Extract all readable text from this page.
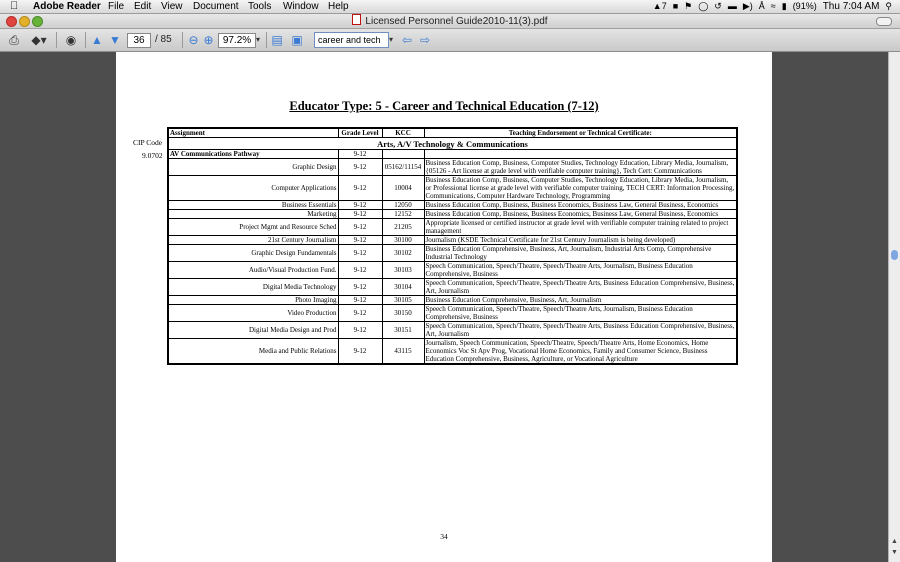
Adobe Reader File Edit View Document Tools Window Help	▲7 ■ ⚑ ◯ ↺ ▬ ▶) Å ≈ ▮ (91%) Thu 7:04 AM ⚲
Licensed Personnel Guide2010-11(3).pdf
⎙ ◆▾	◉	▲ ▼	36	/ 85 ⊖ ⊕ 97.2% ▾ ▤ ▣	career and tech	▾ ⇦ ⇨
Educator Type: 5 - Career and Technical Education (7-12)
CIP Code
9.0702
Assignment	Grade Level	KCC	Teaching Endorsement or Technical Certificate:
Arts, A/V Technology & Communications			
AV Communications Pathway	9-12		
Graphic Design	9-12	05162/11154	Business Education Comp, Business, Computer Studies, Technology Education, Library Media, Journalism, {05126 - Art license at grade level with verifiable computer training}, Tech Cert: Communications
Computer Applications	9-12	10004	Business Education Comp, Business, Computer Studies, Technology Education, Library Media, Journalism, or Professional license at grade level with verifiable computer training, TECH CERT: Information Processing, Communications, Computer Hardware Technology, Programming
Business Essentials	9-12	12050	Business Education Comp, Business, Business Economics, Business Law, General Business, Economics
Marketing	9-12	12152	Business Education Comp, Business, Business Economics, Business Law, General Business, Economics
Project Mgmt and Resource Sched	9-12	21205	Appropriate licensed or certified instructor at grade level with verifiable computer training related to project management
21st Century Journalism	9-12	30100	Journalism (KSDE Technical Certificate for 21st Century Journalism is being developed)
Graphic Design Fundamentals	9-12	30102	Business Education Comprehensive, Business, Art, Journalism, Industrial Arts Comp, Comprehensive Industrial Technology
Audio/Visual Production Fund.	9-12	30103	Speech Communication, Speech/Theatre, Speech/Theatre Arts, Journalism, Business Education Comprehensive, Business
Digital Media Technology	9-12	30104	Speech Communication, Speech/Theatre, Speech/Theatre Arts, Business Education Comprehensive, Business, Art, Journalism
Photo Imaging	9-12	30105	Business Education Comprehensive, Business, Art, Journalism
Video Production	9-12	30150	Speech Communication, Speech/Theatre, Speech/Theatre Arts, Journalism, Business Education Comprehensive, Business
Digital Media Design and Prod	9-12	30151	Speech Communication, Speech/Theatre, Speech/Theatre Arts, Business Education Comprehensive, Business, Art, Journalism
Media and Public Relations	9-12	43115	Journalism, Speech Communication, Speech/Theatre, Speech/Theatre Arts, Home Economics, Home Economics Voc St Apv Prog, Vocational Home Economics, Family and Consumer Science, Business Education Comprehensive, Business, Agriculture, or Vocational Agriculture
34
▲
▼
